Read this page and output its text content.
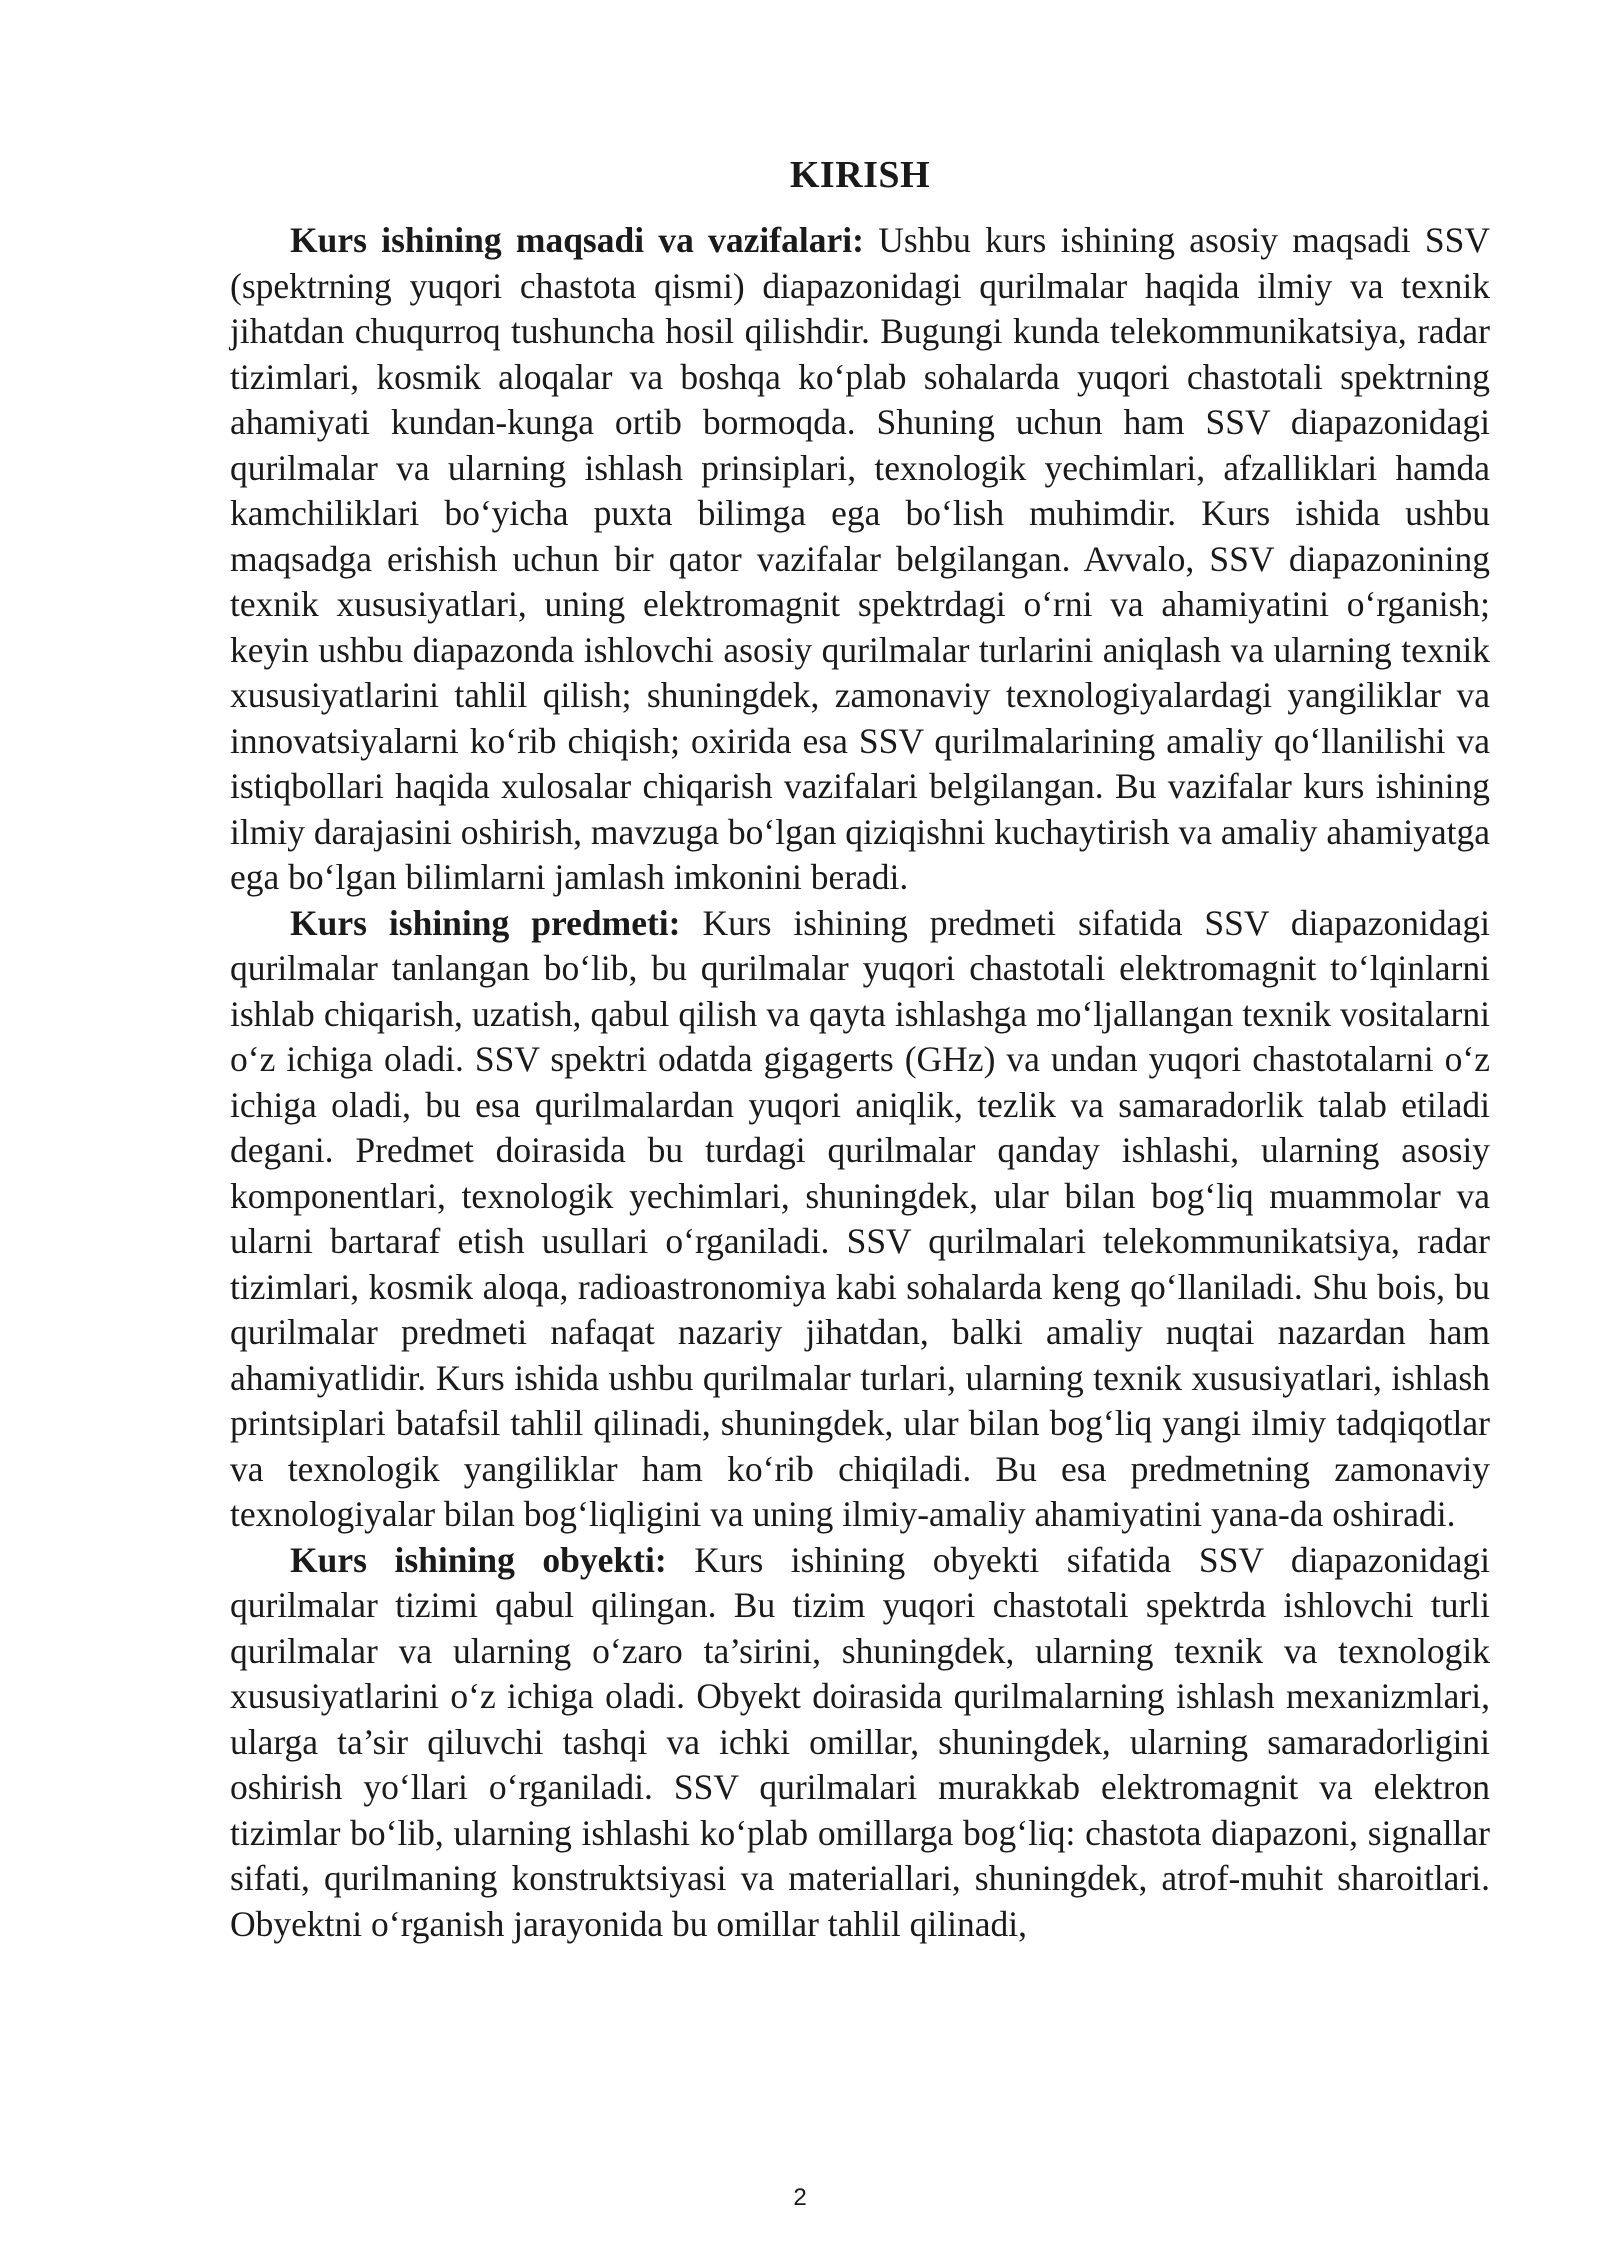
KIRISH

Kurs ishining maqsadi va vazifalari: Ushbu kurs ishining asosiy maqsadi SSV (spektrning yuqori chastota qismi) diapazonidagi qurilmalar haqida ilmiy va texnik jihatdan chuqurroq tushuncha hosil qilishdir. Bugungi kunda telekommunikatsiya, radar tizimlari, kosmik aloqalar va boshqa ko‘plab sohalarda yuqori chastotali spektrning ahamiyati kundan-kunga ortib bormoqda. Shuning uchun ham SSV diapazonidagi qurilmalar va ularning ishlash prinsiplari, texnologik yechimlari, afzalliklari hamda kamchiliklari bo‘yicha puxta bilimga ega bo‘lish muhimdir. Kurs ishida ushbu maqsadga erishish uchun bir qator vazifalar belgilangan. Avvalo, SSV diapazonining texnik xususiyatlari, uning elektromagnit spektrdagi o‘rni va ahamiyatini o‘rganish; keyin ushbu diapazonda ishlovchi asosiy qurilmalar turlarini aniqlash va ularning texnik xususiyatlarini tahlil qilish; shuningdek, zamonaviy texnologiyalardagi yangiliklar va innovatsiyalarni ko‘rib chiqish; oxirida esa SSV qurilmalarining amaliy qo‘llanilishi va istiqbollari haqida xulosalar chiqarish vazifalari belgilangan. Bu vazifalar kurs ishining ilmiy darajasini oshirish, mavzuga bo‘lgan qiziqishni kuchaytirish va amaliy ahamiyatga ega bo‘lgan bilimlarni jamlash imkonini beradi.

Kurs ishining predmeti: Kurs ishining predmeti sifatida SSV diapazonidagi qurilmalar tanlangan bo‘lib, bu qurilmalar yuqori chastotali elektromagnit to‘lqinlarni ishlab chiqarish, uzatish, qabul qilish va qayta ishlashga mo‘ljallangan texnik vositalarni o‘z ichiga oladi. SSV spektri odatda gigagerts (GHz) va undan yuqori chastotalarni o‘z ichiga oladi, bu esa qurilmalardan yuqori aniqlik, tezlik va samaradorlik talab etiladi degani. Predmet doirasida bu turdagi qurilmalar qanday ishlashi, ularning asosiy komponentlari, texnologik yechimlari, shuningdek, ular bilan bog‘liq muammolar va ularni bartaraf etish usullari o‘rganiladi. SSV qurilmalari telekommunikatsiya, radar tizimlari, kosmik aloqa, radioastronomiya kabi sohalarda keng qo‘llaniladi. Shu bois, bu qurilmalar predmeti nafaqat nazariy jihatdan, balki amaliy nuqtai nazardan ham ahamiyatlidir. Kurs ishida ushbu qurilmalar turlari, ularning texnik xususiyatlari, ishlash printsiplari batafsil tahlil qilinadi, shuningdek, ular bilan bog‘liq yangi ilmiy tadqiqotlar va texnologik yangiliklar ham ko‘rib chiqiladi. Bu esa predmetning zamonaviy texnologiyalar bilan bog‘liqligini va uning ilmiy-amaliy ahamiyatini yana-da oshiradi.

Kurs ishining obyekti: Kurs ishining obyekti sifatida SSV diapazonidagi qurilmalar tizimi qabul qilingan. Bu tizim yuqori chastotali spektrda ishlovchi turli qurilmalar va ularning o‘zaro ta’sirini, shuningdek, ularning texnik va texnologik xususiyatlarini o‘z ichiga oladi. Obyekt doirasida qurilmalarning ishlash mexanizmlari, ularga ta’sir qiluvchi tashqi va ichki omillar, shuningdek, ularning samaradorligini oshirish yo‘llari o‘rganiladi. SSV qurilmalari murakkab elektromagnit va elektron tizimlar bo‘lib, ularning ishlashi ko‘plab omillarga bog‘liq: chastota diapazoni, signallar sifati, qurilmaning konstruktsiyasi va materiallari, shuningdek, atrof-muhit sharoitlari. Obyektni o‘rganish jarayonida bu omillar tahlil qilinadi,

2
